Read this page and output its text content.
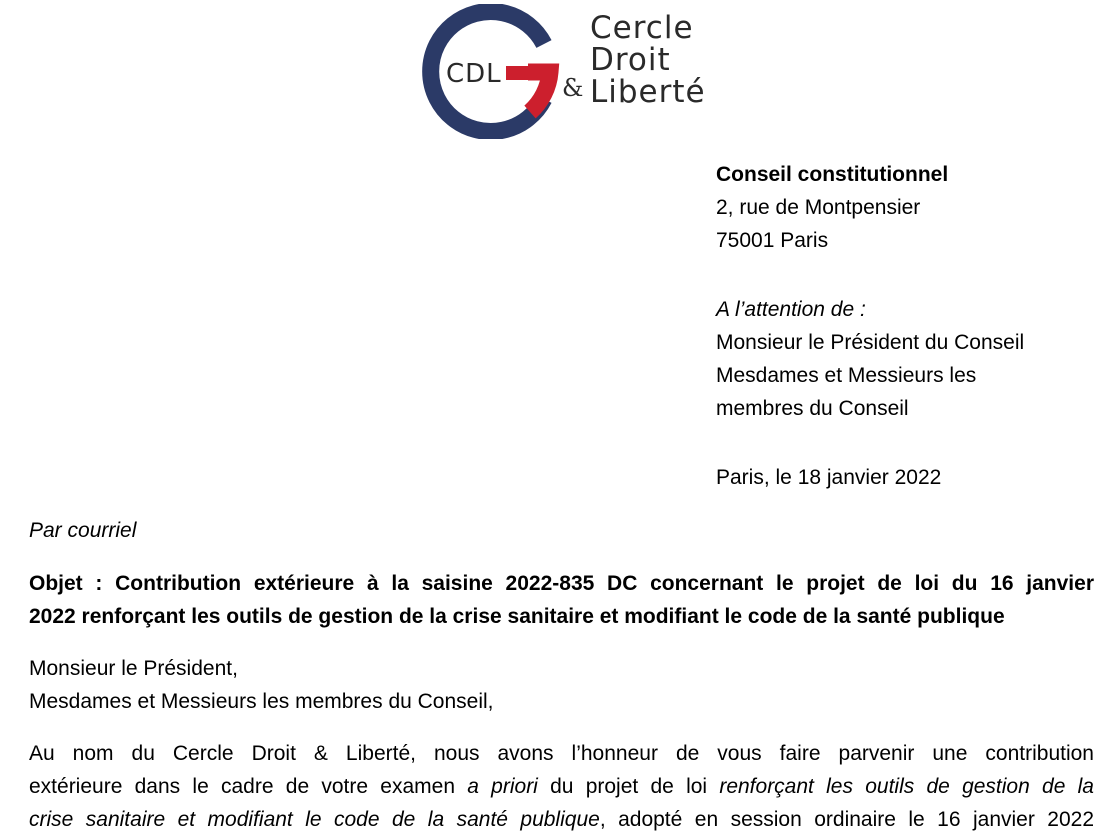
CDL
Cercle
Droit
Liberté
&
Conseil constitutionnel
2, rue de Montpensier
75001 Paris
A l’attention de :
Monsieur le Président du Conseil
Mesdames et Messieurs les
membres du Conseil
Paris, le 18 janvier 2022
Par courriel
Objet : Contribution extérieure à la saisine 2022-835 DC concernant le projet de loi du 16 janvier
2022 renforçant les outils de gestion de la crise sanitaire et modifiant le code de la santé publique
Monsieur le Président,
Mesdames et Messieurs les membres du Conseil,
Au nom du Cercle Droit & Liberté, nous avons l’honneur de vous faire parvenir une contribution
extérieure dans le cadre de votre examen a priori du projet de loi renforçant les outils de gestion de la
crise sanitaire et modifiant le code de la santé publique, adopté en session ordinaire le 16 janvier 2022
